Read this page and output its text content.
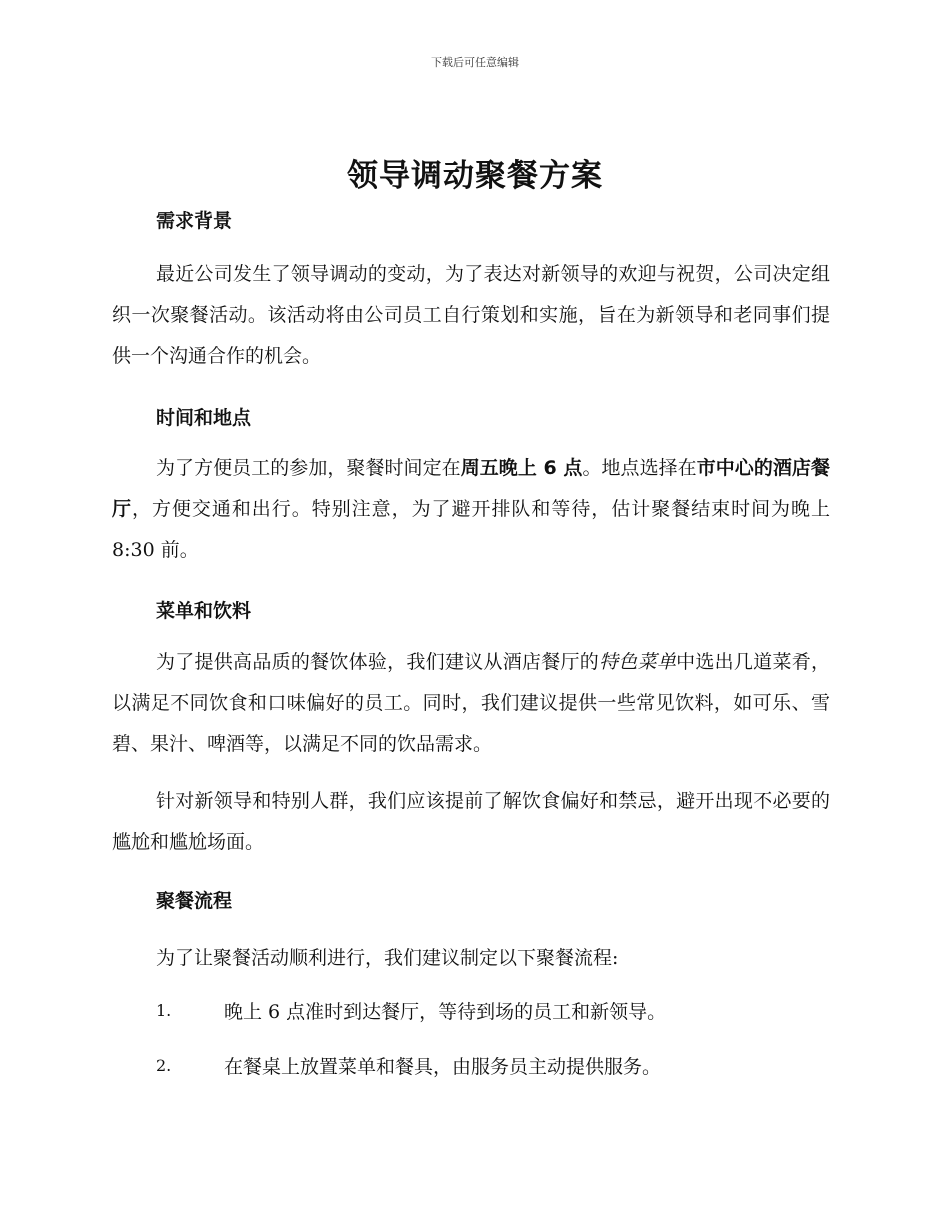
下载后可任意编辑
领导调动聚餐方案
需求背景
最近公司发生了领导调动的变动，为了表达对新领导的欢迎与祝贺，公司决定组织一次聚餐活动。该活动将由公司员工自行策划和实施，旨在为新领导和老同事们提供一个沟通合作的机会。
时间和地点
为了方便员工的参加，聚餐时间定在周五晚上 6 点。地点选择在市中心的酒店餐厅，方便交通和出行。特别注意，为了避开排队和等待，估计聚餐结束时间为晚上 8:30 前。
菜单和饮料
为了提供高品质的餐饮体验，我们建议从酒店餐厅的特色菜单中选出几道菜肴，以满足不同饮食和口味偏好的员工。同时，我们建议提供一些常见饮料，如可乐、雪碧、果汁、啤酒等，以满足不同的饮品需求。
针对新领导和特别人群，我们应该提前了解饮食偏好和禁忌，避开出现不必要的尴尬和尴尬场面。
聚餐流程
为了让聚餐活动顺利进行，我们建议制定以下聚餐流程:
1.	晚上 6 点准时到达餐厅，等待到场的员工和新领导。
2.	在餐桌上放置菜单和餐具，由服务员主动提供服务。
